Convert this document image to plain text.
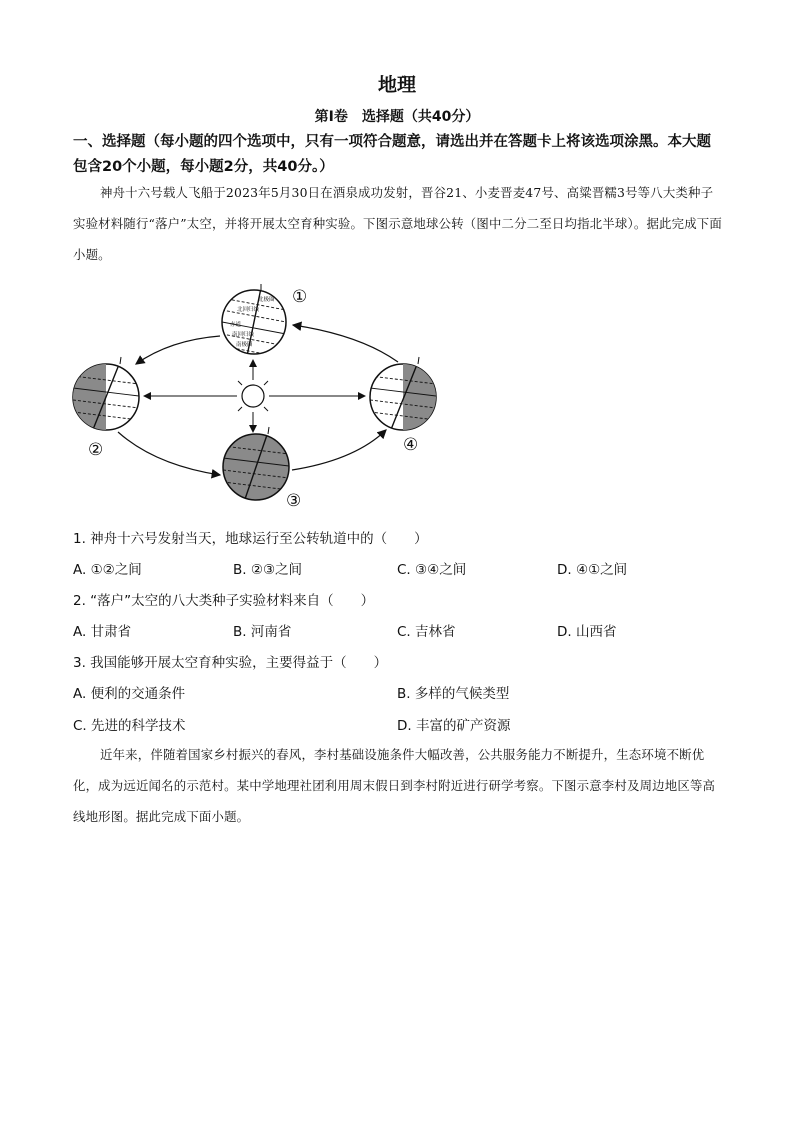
地理
第Ⅰ卷　选择题（共40分）
一、选择题（每小题的四个选项中，只有一项符合题意，请选出并在答题卡上将该选项涂黑。本大题包含20个小题，每小题2分，共40分。）
神舟十六号载人飞船于2023年5月30日在酒泉成功发射，晋谷21、小麦晋麦47号、高粱晋糯3号等八大类种子实验材料随行“落户”太空，并将开展太空育种实验。下图示意地球公转（图中二分二至日均指北半球）。据此完成下面小题。
北极圈
北回归线
赤道
南回归线
南极圈
①
②
③
④
1. 神舟十六号发射当天，地球运行至公转轨道中的（　　）
A. ①②之间	B. ②③之间	C. ③④之间	D. ④①之间
2. “落户”太空的八大类种子实验材料来自（　　）
A. 甘肃省	B. 河南省	C. 吉林省	D. 山西省
3. 我国能够开展太空育种实验，主要得益于（　　）
A. 便利的交通条件	B. 多样的气候类型
C. 先进的科学技术	D. 丰富的矿产资源
近年来，伴随着国家乡村振兴的春风，李村基础设施条件大幅改善，公共服务能力不断提升，生态环境不断优化，成为远近闻名的示范村。某中学地理社团利用周末假日到李村附近进行研学考察。下图示意李村及周边地区等高线地形图。据此完成下面小题。
